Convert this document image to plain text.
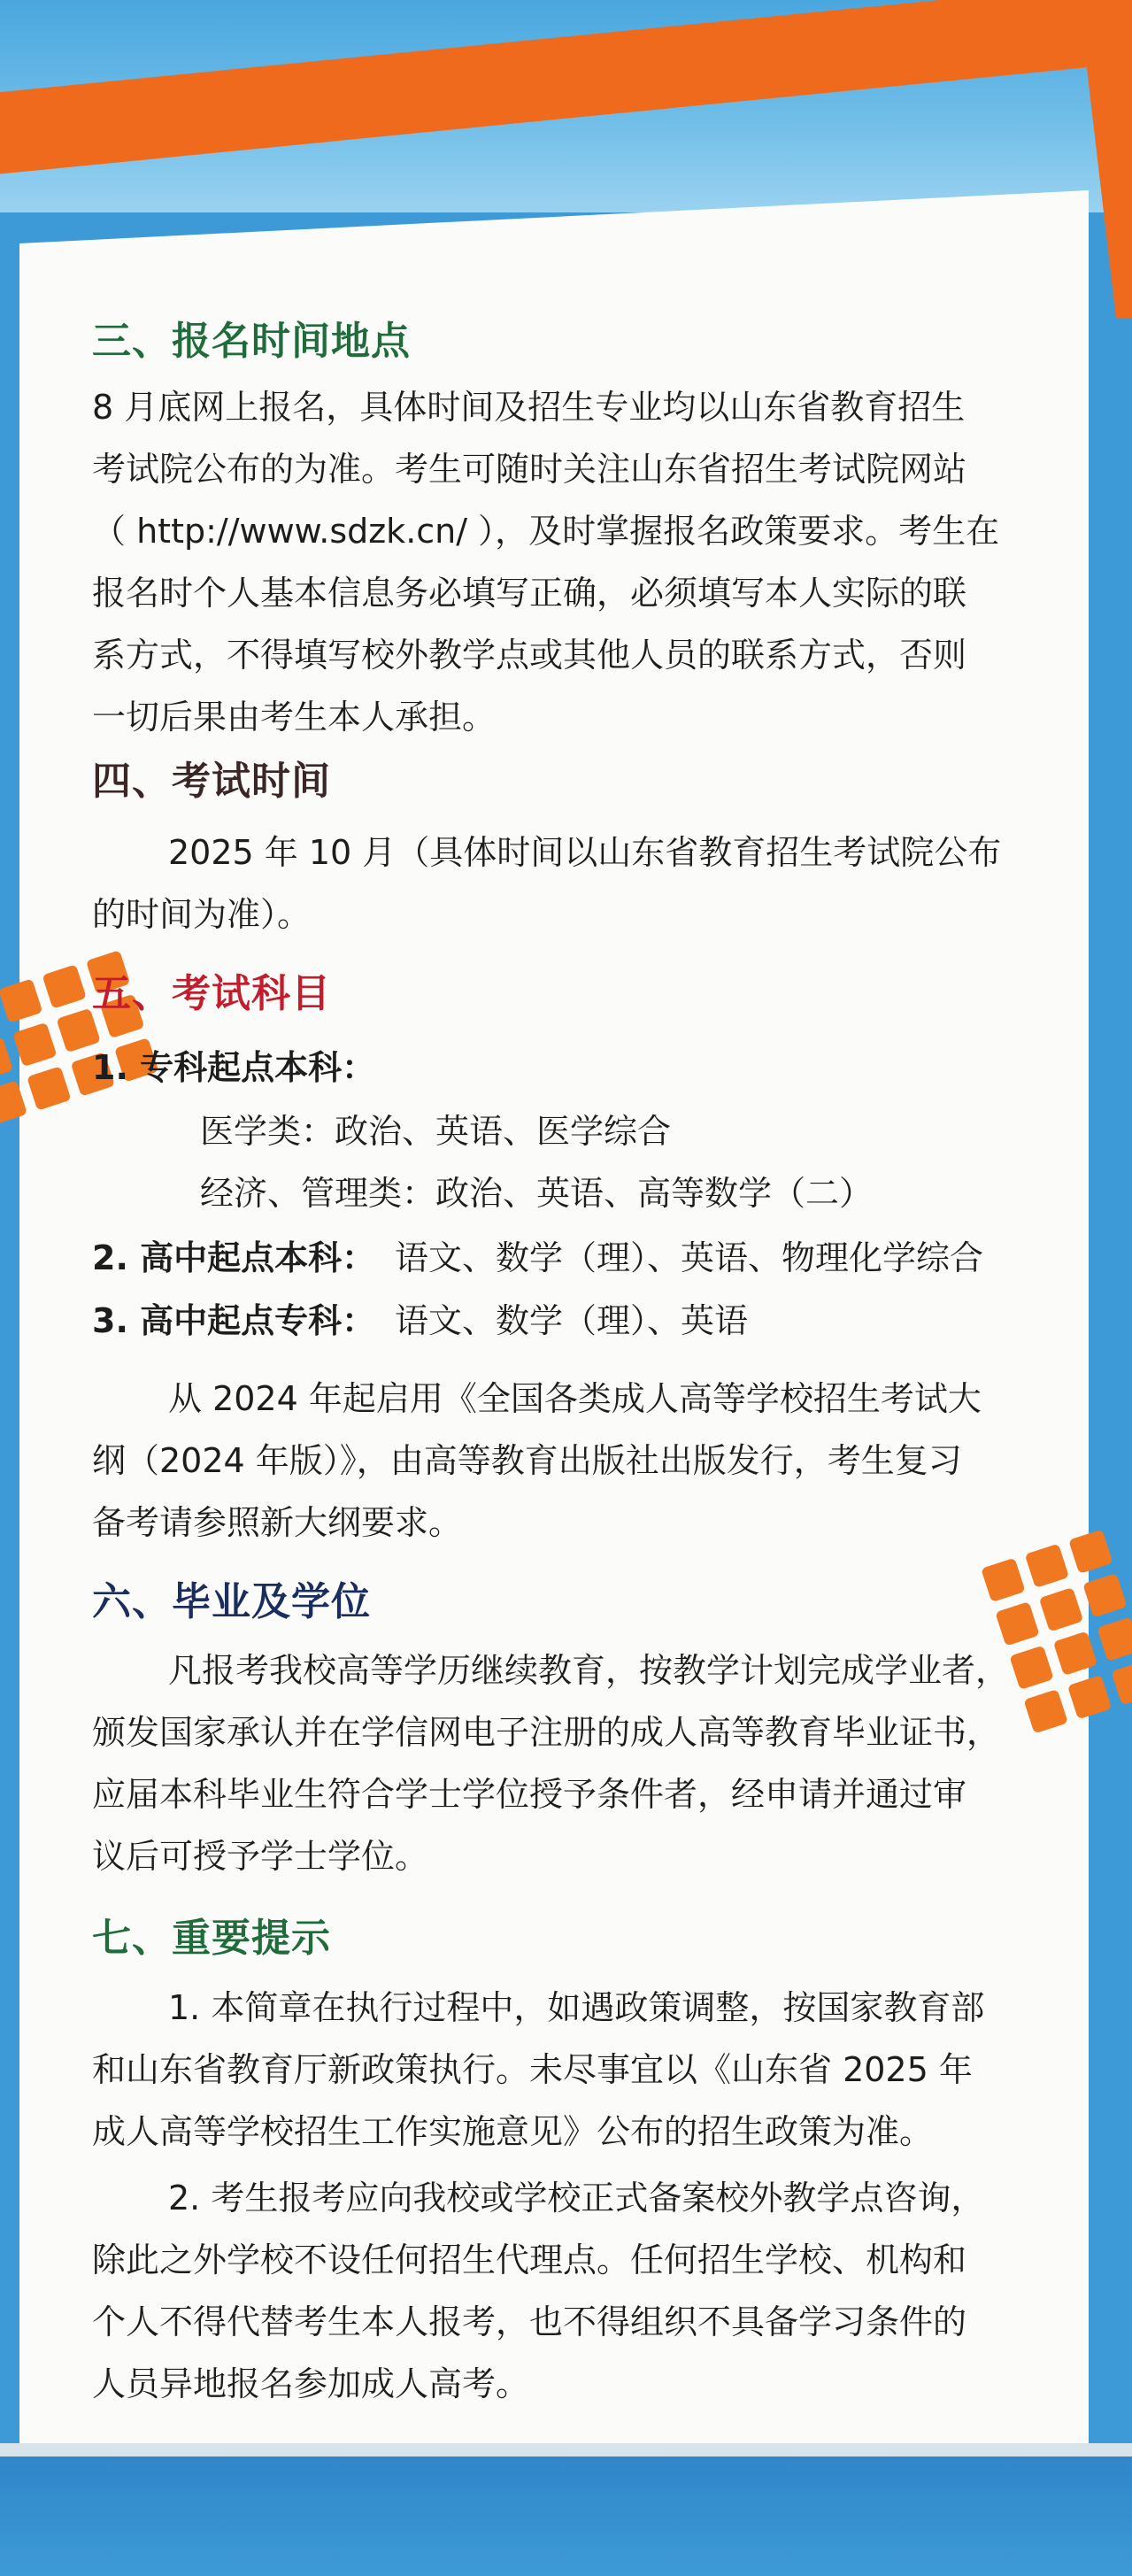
三、报名时间地点
8 月底网上报名，具体时间及招生专业均以山东省教育招生
考试院公布的为准。考生可随时关注山东省招生考试院网站
（ http://www.sdzk.cn/ ），及时掌握报名政策要求。考生在
报名时个人基本信息务必填写正确，必须填写本人实际的联
系方式，不得填写校外教学点或其他人员的联系方式，否则
一切后果由考生本人承担。
四、考试时间
2025 年 10 月（具体时间以山东省教育招生考试院公布
的时间为准）。
五、考试科目
1. 专科起点本科：
医学类：政治、英语、医学综合
经济、管理类：政治、英语、高等数学（二）
2. 高中起点本科： 语文、数学（理）、英语、物理化学综合
3. 高中起点专科： 语文、数学（理）、英语
从 2024 年起启用《全国各类成人高等学校招生考试大
纲（2024 年版）》，由高等教育出版社出版发行，考生复习
备考请参照新大纲要求。
六、毕业及学位
凡报考我校高等学历继续教育，按教学计划完成学业者，
颁发国家承认并在学信网电子注册的成人高等教育毕业证书，
应届本科毕业生符合学士学位授予条件者，经申请并通过审
议后可授予学士学位。
七、重要提示
1. 本简章在执行过程中，如遇政策调整，按国家教育部
和山东省教育厅新政策执行。未尽事宜以《山东省 2025 年
成人高等学校招生工作实施意见》公布的招生政策为准。
2. 考生报考应向我校或学校正式备案校外教学点咨询，
除此之外学校不设任何招生代理点。任何招生学校、机构和
个人不得代替考生本人报考，也不得组织不具备学习条件的
人员异地报名参加成人高考。
